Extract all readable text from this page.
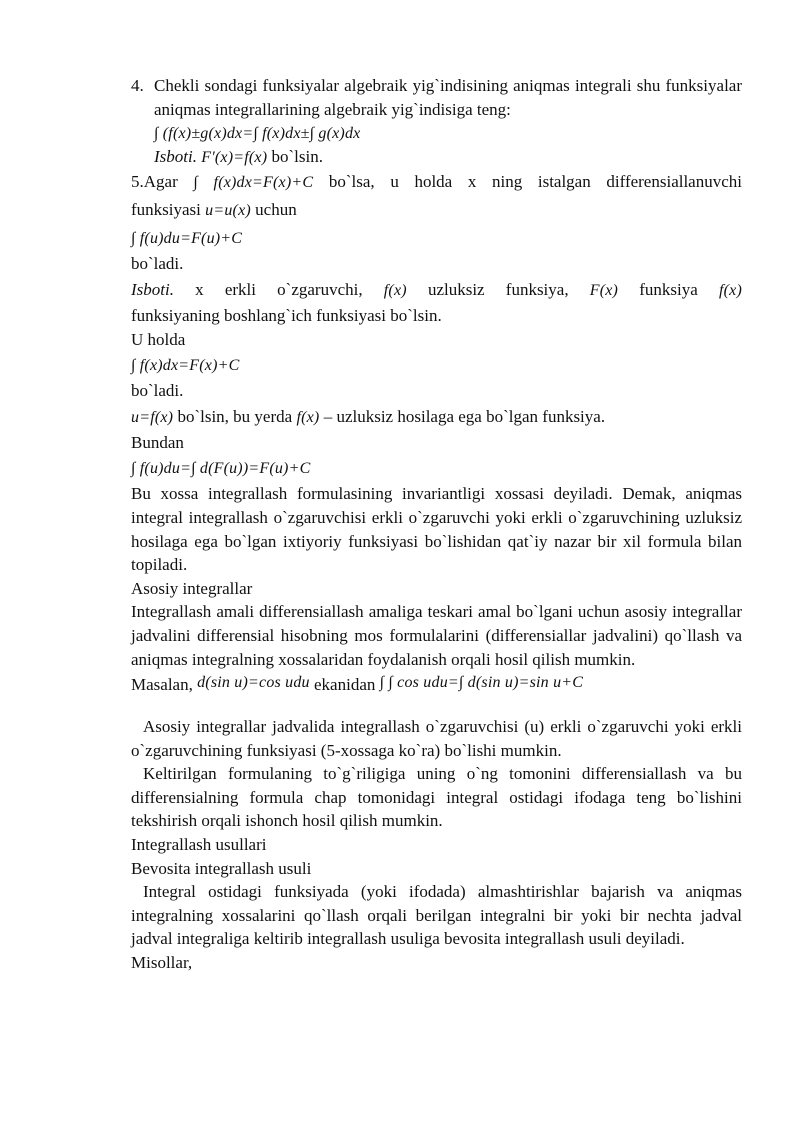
4. Chekli sondagi funksiyalar algebraik yig`indisining aniqmas integrali shu funksiyalar aniqmas integrallarining algebraik yig`indisiga teng:

∫ (f(x)±g(x)dx=∫ f(x)dx±∫ g(x)dx

Isboti. F′(x)=f(x) bo`lsin.

5.Agar ∫ f(x)dx=F(x)+C bo`lsa, u holda x ning istalgan differensiallanuvchi

funksiyasi u=u(x) uchun

∫ f(u)du=F(u)+C

bo`ladi.

Isboti. x erkli o`zgaruvchi, f(x) uzluksiz funksiya, F(x) funksiya f(x)

funksiyaning boshlang`ich funksiyasi bo`lsin.

U holda

∫ f(x)dx=F(x)+C

bo`ladi.

u=f(x) bo`lsin, bu yerda f(x) – uzluksiz hosilaga ega bo`lgan funksiya.

Bundan

∫ f(u)du=∫ d(F(u))=F(u)+C

Bu xossa integrallash formulasining invariantligi xossasi deyiladi. Demak, aniqmas integral integrallash o`zgaruvchisi erkli o`zgaruvchi yoki erkli o`zgaruvchining uzluksiz hosilaga ega bo`lgan ixtiyoriy funksiyasi bo`lishidan qat`iy nazar bir xil formula bilan topiladi.

Asosiy integrallar

Integrallash amali differensiallash amaliga teskari amal bo`lgani uchun asosiy integrallar jadvalini differensial hisobning mos formulalarini (differensiallar jadvalini) qo`llash va aniqmas integralning xossalaridan foydalanish orqali hosil qilish mumkin.

Masalan, d(sin u)=cos udu ekanidan ∫ ∫ cos udu=∫ d(sin u)=sin u+C

Asosiy integrallar jadvalida integrallash o`zgaruvchisi (u) erkli o`zgaruvchi yoki erkli o`zgaruvchining funksiyasi (5-xossaga ko`ra) bo`lishi mumkin.

Keltirilgan formulaning to`g`riligiga uning o`ng tomonini differensiallash va bu differensialning formula chap tomonidagi integral ostidagi ifodaga teng bo`lishini tekshirish orqali ishonch hosil qilish mumkin.

Integrallash usullari

Bevosita integrallash usuli

Integral ostidagi funksiyada (yoki ifodada) almashtirishlar bajarish va aniqmas integralning xossalarini qo`llash orqali berilgan integralni bir yoki bir nechta jadval jadval integraliga keltirib integrallash usuliga bevosita integrallash usuli deyiladi.

Misollar,
